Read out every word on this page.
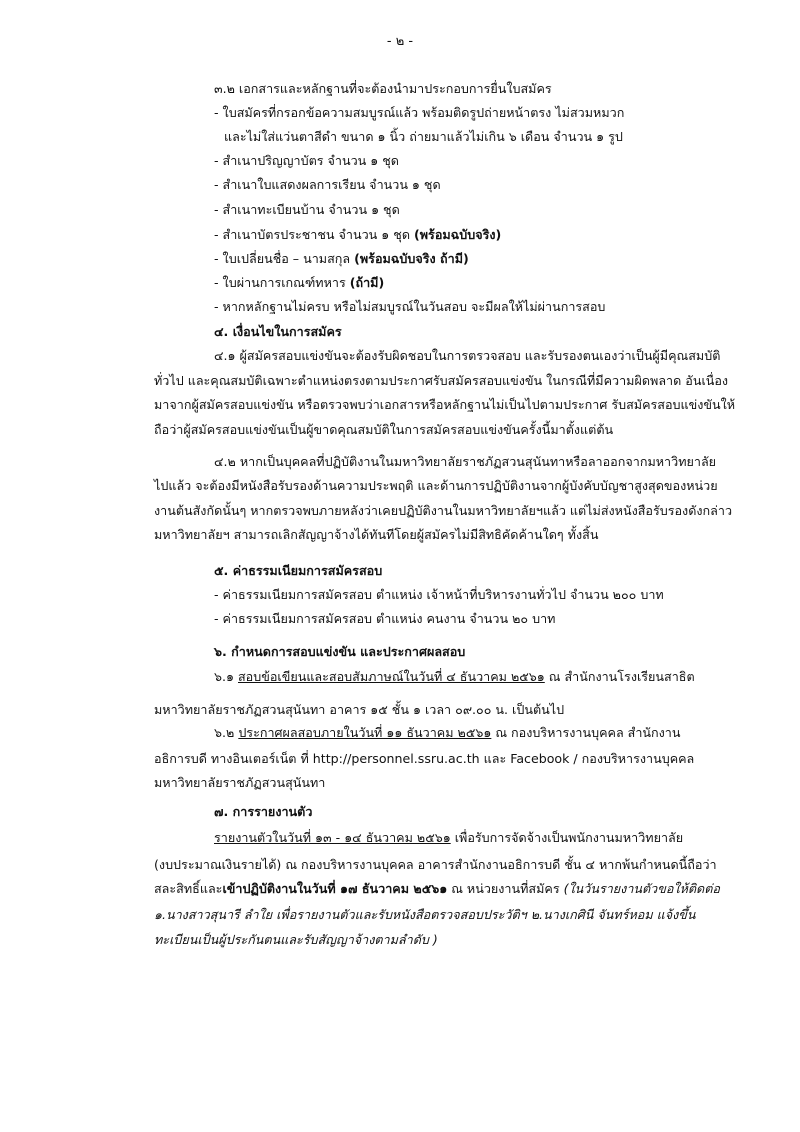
- ๒ -
๓.๒ เอกสารและหลักฐานที่จะต้องนำมาประกอบการยื่นใบสมัคร
- ใบสมัครที่กรอกข้อความสมบูรณ์แล้ว พร้อมติดรูปถ่ายหน้าตรง ไม่สวมหมวก
และไม่ใส่แว่นตาสีดำ ขนาด ๑ นิ้ว ถ่ายมาแล้วไม่เกิน ๖ เดือน จำนวน ๑ รูป
- สำเนาปริญญาบัตร จำนวน ๑ ชุด
- สำเนาใบแสดงผลการเรียน จำนวน ๑ ชุด
- สำเนาทะเบียนบ้าน จำนวน ๑ ชุด
- สำเนาบัตรประชาชน จำนวน ๑ ชุด (พร้อมฉบับจริง)
- ใบเปลี่ยนชื่อ – นามสกุล (พร้อมฉบับจริง ถ้ามี)
- ใบผ่านการเกณฑ์ทหาร (ถ้ามี)
- หากหลักฐานไม่ครบ หรือไม่สมบูรณ์ในวันสอบ จะมีผลให้ไม่ผ่านการสอบ
๔. เงื่อนไขในการสมัคร
๔.๑ ผู้สมัครสอบแข่งขันจะต้องรับผิดชอบในการตรวจสอบ และรับรองตนเองว่าเป็นผู้มีคุณสมบัติ
ทั่วไป และคุณสมบัติเฉพาะตำแหน่งตรงตามประกาศรับสมัครสอบแข่งขัน ในกรณีที่มีความผิดพลาด อันเนื่อง
มาจากผู้สมัครสอบแข่งขัน หรือตรวจพบว่าเอกสารหรือหลักฐานไม่เป็นไปตามประกาศ รับสมัครสอบแข่งขันให้
ถือว่าผู้สมัครสอบแข่งขันเป็นผู้ขาดคุณสมบัติในการสมัครสอบแข่งขันครั้งนี้มาตั้งแต่ต้น
๔.๒ หากเป็นบุคคลที่ปฏิบัติงานในมหาวิทยาลัยราชภัฏสวนสุนันทาหรือลาออกจากมหาวิทยาลัย
ไปแล้ว จะต้องมีหนังสือรับรองด้านความประพฤติ และด้านการปฏิบัติงานจากผู้บังคับบัญชาสูงสุดของหน่วย
งานต้นสังกัดนั้นๆ หากตรวจพบภายหลังว่าเคยปฏิบัติงานในมหาวิทยาลัยฯแล้ว แต่ไม่ส่งหนังสือรับรองดังกล่าว
มหาวิทยาลัยฯ สามารถเลิกสัญญาจ้างได้ทันทีโดยผู้สมัครไม่มีสิทธิคัดค้านใดๆ ทั้งสิ้น
๕. ค่าธรรมเนียมการสมัครสอบ
- ค่าธรรมเนียมการสมัครสอบ ตำแหน่ง เจ้าหน้าที่บริหารงานทั่วไป จำนวน ๒๐๐ บาท
- ค่าธรรมเนียมการสมัครสอบ ตำแหน่ง คนงาน จำนวน ๒๐ บาท
๖. กำหนดการสอบแข่งขัน และประกาศผลสอบ
๖.๑ สอบข้อเขียนและสอบสัมภาษณ์ในวันที่ ๔ ธันวาคม ๒๕๖๑ ณ สำนักงานโรงเรียนสาธิต
มหาวิทยาลัยราชภัฏสวนสุนันทา อาคาร ๑๕ ชั้น ๑ เวลา ๐๙.๐๐ น. เป็นต้นไป
๖.๒ ประกาศผลสอบภายในวันที่ ๑๑ ธันวาคม ๒๕๖๑ ณ กองบริหารงานบุคคล สำนักงาน
อธิการบดี ทางอินเตอร์เน็ต ที่ http://personnel.ssru.ac.th และ Facebook / กองบริหารงานบุคคล
มหาวิทยาลัยราชภัฏสวนสุนันทา
๗. การรายงานตัว
รายงานตัวในวันที่ ๑๓ - ๑๔ ธันวาคม ๒๕๖๑ เพื่อรับการจัดจ้างเป็นพนักงานมหาวิทยาลัย
(งบประมาณเงินรายได้) ณ กองบริหารงานบุคคล อาคารสำนักงานอธิการบดี ชั้น ๔ หากพ้นกำหนดนี้ถือว่า
สละสิทธิ์และเข้าปฏิบัติงานในวันที่ ๑๗ ธันวาคม ๒๕๖๑ ณ หน่วยงานที่สมัคร (ในวันรายงานตัวขอให้ติดต่อ
๑.นางสาวสุนารี ลำใย เพื่อรายงานตัวและรับหนังสือตรวจสอบประวัติฯ ๒.นางเกศินี จันทร์หอม แจ้งขึ้น
ทะเบียนเป็นผู้ประกันตนและรับสัญญาจ้างตามลำดับ )
